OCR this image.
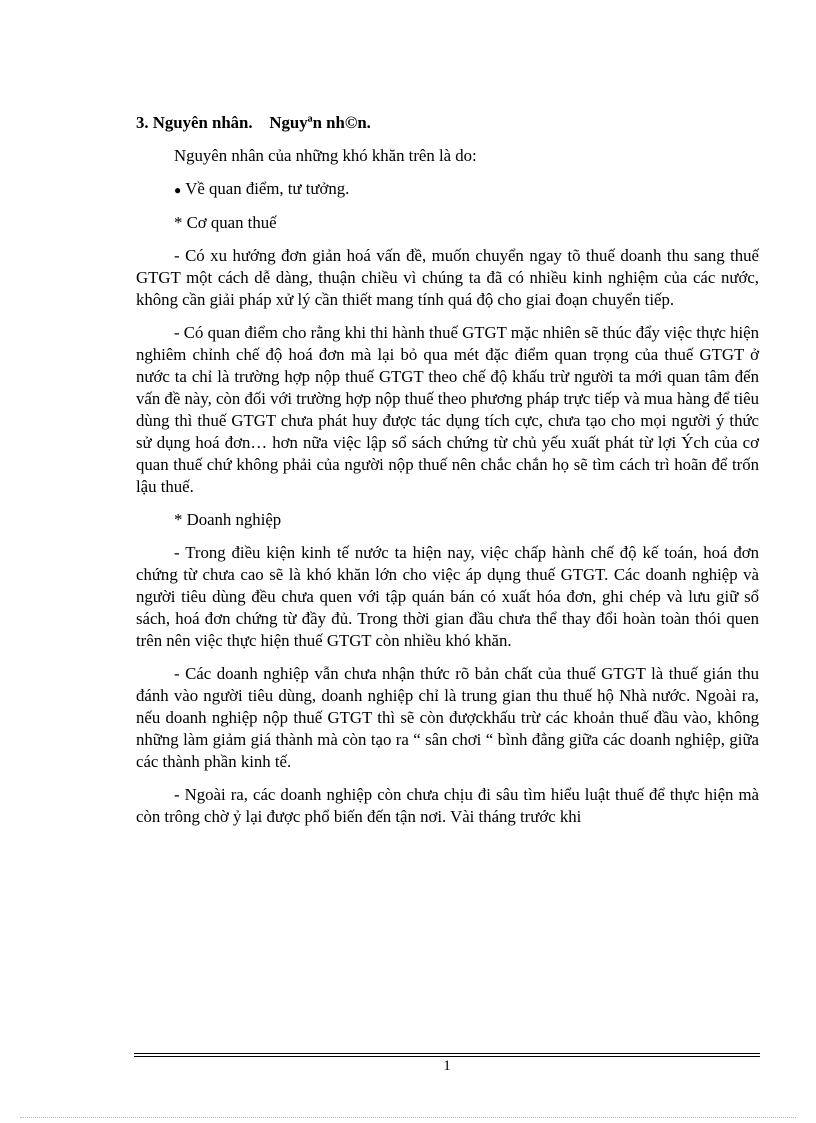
3. Nguyên nhân.    Nguyªn nh©n.
Nguyên nhân của những khó khăn trên là do:
● Về quan điểm, tư tưởng.
* Cơ quan thuế
- Có xu hướng đơn giản hoá vấn đề, muốn chuyển ngay tõ thuế doanh thu sang thuế GTGT một cách dễ dàng, thuận chiều vì chúng ta đã có nhiều kinh nghiệm của các nước, không cần giải pháp xử lý cần thiết mang tính quá độ cho giai đoạn chuyển tiếp.
- Có quan điểm cho rằng khi thi hành thuế GTGT mặc nhiên sẽ thúc đẩy việc thực hiện nghiêm chỉnh chế độ hoá đơn mà lại bỏ qua mét đặc điểm quan trọng của thuế GTGT ở nước ta chỉ là trường hợp nộp thuế GTGT theo chế độ khấu trừ người ta mới quan tâm đến vấn đề này, còn đối với trường hợp nộp thuế theo phương pháp trực tiếp và mua hàng để tiêu dùng thì thuế GTGT chưa phát huy được tác dụng tích cực, chưa tạo cho mọi người ý thức sử dụng hoá đơn… hơn nữa việc lập sổ sách chứng từ chủ yếu xuất phát từ lợi Ých của cơ quan thuế chứ không phải của người nộp thuế nên chắc chắn họ sẽ tìm cách trì hoãn để trốn lậu thuế.
* Doanh nghiệp
- Trong điều kiện kinh tế nước ta hiện nay, việc chấp hành chế độ kế toán, hoá đơn chứng từ chưa cao sẽ là khó khăn lớn cho việc áp dụng thuế GTGT. Các doanh nghiệp và người tiêu dùng đều chưa quen với tập quán bán có xuất hóa đơn, ghi chép và lưu giữ sổ sách, hoá đơn chứng từ đầy đủ. Trong thời gian đầu chưa thể thay đổi hoàn toàn thói quen trên nên việc thực hiện thuế GTGT còn nhiều khó khăn.
- Các doanh nghiệp vẫn chưa nhận thức rõ bản chất của thuế GTGT là thuế gián thu đánh vào người tiêu dùng, doanh nghiệp chỉ là trung gian thu thuế hộ Nhà nước. Ngoài ra, nếu doanh nghiệp nộp thuế GTGT thì sẽ còn đượckhấu trừ các khoản thuế đầu vào, không những làm giảm giá thành mà còn tạo ra “ sân chơi “ bình đẳng giữa các doanh nghiệp, giữa các thành phần kinh tế.
- Ngoài ra, các doanh nghiệp còn chưa chịu đi sâu tìm hiểu luật thuế để thực hiện mà còn trông chờ ỷ lại được phổ biến đến tận nơi. Vài tháng trước khi
1
